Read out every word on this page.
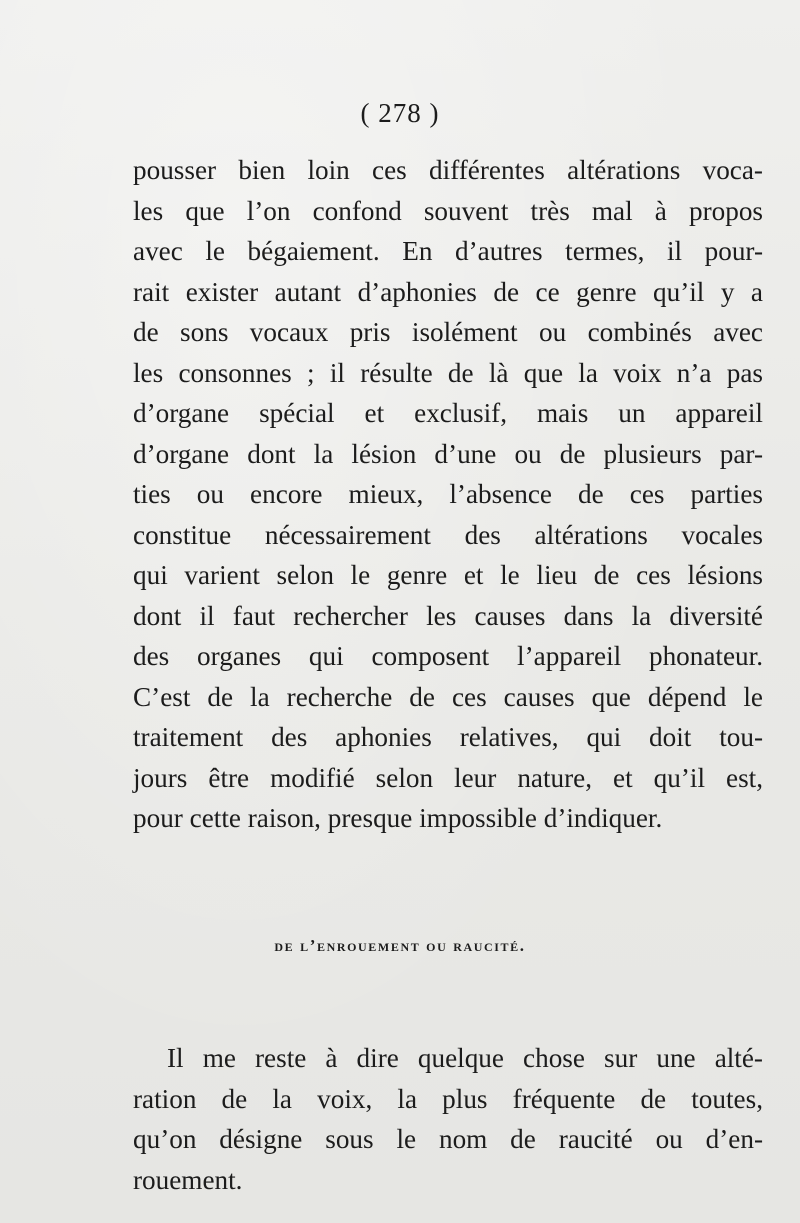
( 278 )
pousser bien loin ces différentes altérations voca-
les que l’on confond souvent très mal à propos
avec le bégaiement. En d’autres termes, il pour-
rait exister autant d’aphonies de ce genre qu’il y a
de sons vocaux pris isolément ou combinés avec
les consonnes ; il résulte de là que la voix n’a pas
d’organe spécial et exclusif, mais un appareil
d’organe dont la lésion d’une ou de plusieurs par-
ties ou encore mieux, l’absence de ces parties
constitue nécessairement des altérations vocales
qui varient selon le genre et le lieu de ces lésions
dont il faut rechercher les causes dans la diversité
des organes qui composent l’appareil phonateur.
C’est de la recherche de ces causes que dépend le
traitement des aphonies relatives, qui doit tou-
jours être modifié selon leur nature, et qu’il est,
pour cette raison, presque impossible d’indiquer.
de l’enrouement ou raucité.
Il me reste à dire quelque chose sur une alté-
ration de la voix, la plus fréquente de toutes,
qu’on désigne sous le nom de raucité ou d’en-
rouement.
